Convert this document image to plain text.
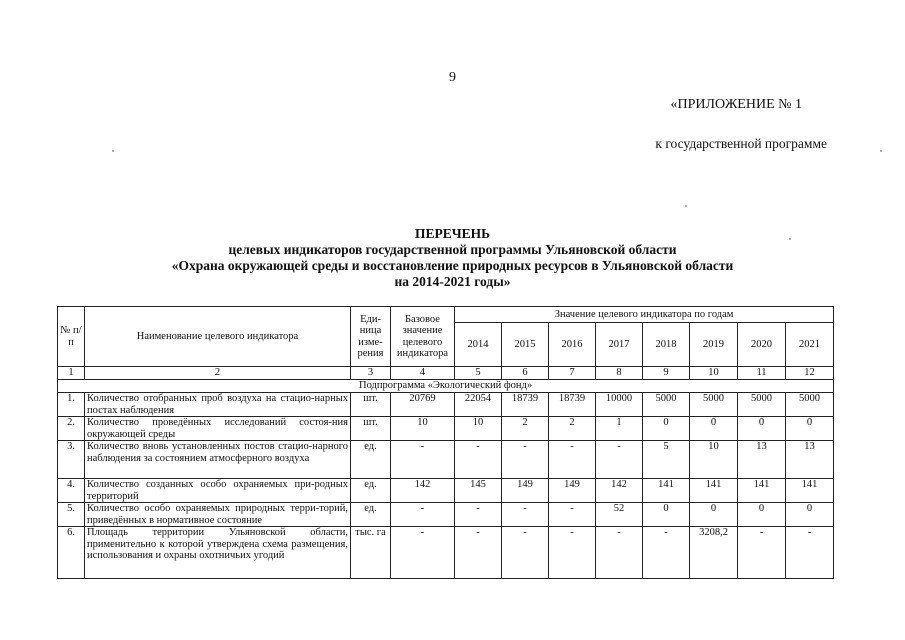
9
«ПРИЛОЖЕНИЕ № 1
к государственной программе
ПЕРЕЧЕНЬ
целевых индикаторов государственной программы Ульяновской области
«Охрана окружающей среды и восстановление природных ресурсов в Ульяновской области
на 2014-2021 годы»
№ п/п	Наименование целевого индикатора	Еди-ница изме-рения	Базовое значение целевого индикатора	Значение целевого индикатора по годам							
				2014	2015	2016	2017	2018	2019	2020	2021
1	2	3	4	5	6	7	8	9	10	11	12
Подпрограмма «Экологический фонд»											
1.	Количество отобранных проб воздуха на стацио-нарных постах наблюдения	шт.	20769	22054	18739	18739	10000	5000	5000	5000	5000
2.	Количество проведённых исследований состоя-ния окружающей среды	шт.	10	10	2	2	1	0	0	0	0
3.	Количество вновь установленных постов стацио-нарного наблюдения за состоянием атмосферного воздуха	ед.	-	-	-	-	-	5	10	13	13
4.	Количество созданных особо охраняемых при-родных территорий	ед.	142	145	149	149	142	141	141	141	141
5.	Количество особо охраняемых природных терри-торий, приведённых в нормативное состояние	ед.	-	-	-	-	52	0	0	0	0
6.	Площадь территории Ульяновской области, применительно к которой утверждена схема размещения, использования и охраны охотничьих угодий	тыс. га	-	-	-	-	-	-	3208,2	-	-
